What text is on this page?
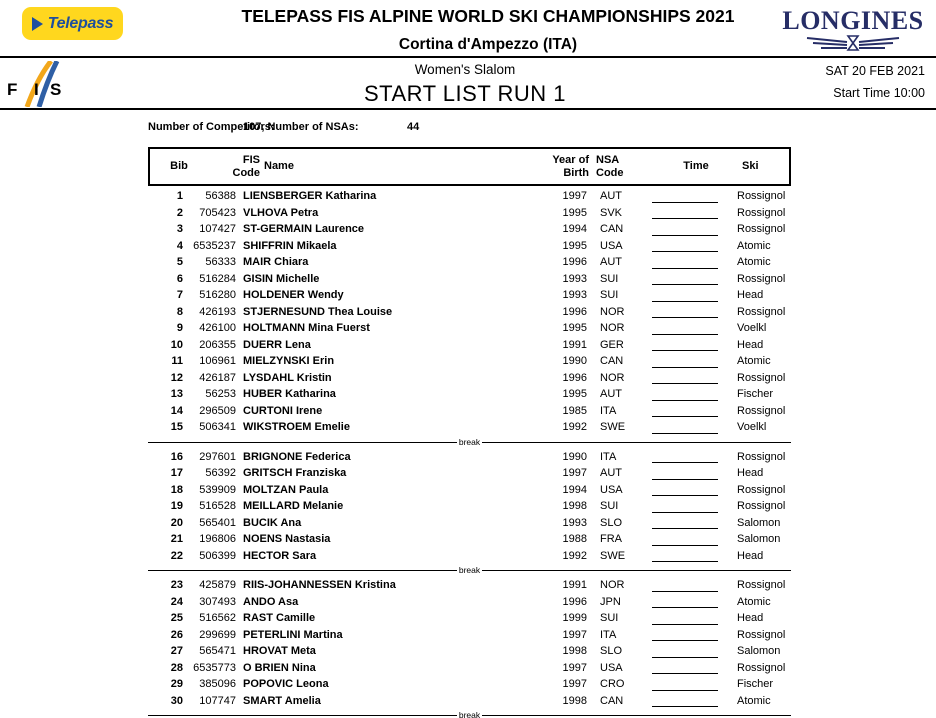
Telepass	TELEPASS FIS ALPINE WORLD SKI CHAMPIONSHIPS 2021
Cortina d'Ampezzo (ITA)
LONGINES
F I S
Women's Slalom
START LIST RUN 1
SAT 20 FEB 2021
Start Time 10:00
Number of Competitors:
107, Number of NSAs:	44
Bib	FIS
Code
Name	Year of
Birth
NSA
Code
Time	Ski
1	56388 LIENSBERGER Katharina	1997	AUT	Rossignol
2	705423 VLHOVA Petra	1995	SVK	Rossignol
3	107427 ST-GERMAIN Laurence	1994	CAN	Rossignol
4 6535237 SHIFFRIN Mikaela	1995	USA	Atomic
5	56333 MAIR Chiara	1996	AUT	Atomic
6	516284 GISIN Michelle	1993	SUI	Rossignol
7	516280 HOLDENER Wendy	1993	SUI	Head
8	426193 STJERNESUND Thea Louise	1996	NOR	Rossignol
9	426100 HOLTMANN Mina Fuerst	1995	NOR	Voelkl
10	206355 DUERR Lena	1991	GER	Head
11	106961 MIELZYNSKI Erin	1990	CAN	Atomic
12	426187 LYSDAHL Kristin	1996	NOR	Rossignol
13	56253 HUBER Katharina	1995	AUT	Fischer
14	296509 CURTONI Irene	1985	ITA	Rossignol
15	506341 WIKSTROEM Emelie	1992	SWE	Voelkl
break
16	297601 BRIGNONE Federica	1990	ITA	Rossignol
17	56392 GRITSCH Franziska	1997	AUT	Head
18	539909 MOLTZAN Paula	1994	USA	Rossignol
19	516528 MEILLARD Melanie	1998	SUI	Rossignol
20	565401 BUCIK Ana	1993	SLO	Salomon
21	196806 NOENS Nastasia	1988	FRA	Salomon
22	506399 HECTOR Sara	1992	SWE	Head
break
23	425879 RIIS-JOHANNESSEN Kristina	1991	NOR	Rossignol
24	307493 ANDO Asa	1996	JPN	Atomic
25	516562 RAST Camille	1999	SUI	Head
26	299699 PETERLINI Martina	1997	ITA	Rossignol
27	565471 HROVAT Meta	1998	SLO	Salomon
28 6535773 O BRIEN Nina	1997	USA	Rossignol
29	385096 POPOVIC Leona	1997	CRO	Fischer
30	107747 SMART Amelia	1998	CAN	Atomic
break
